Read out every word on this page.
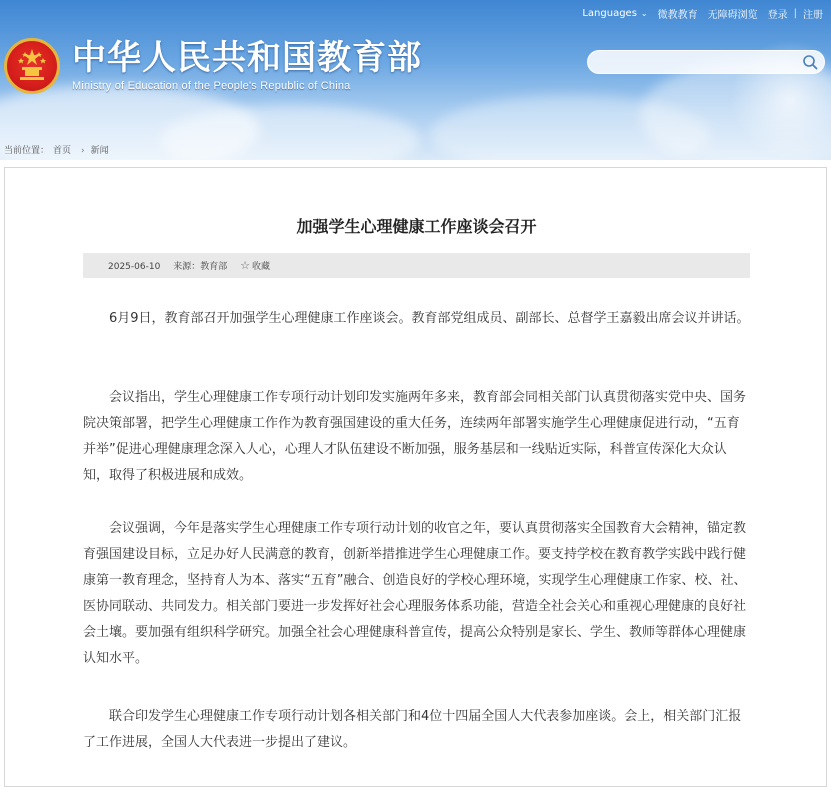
Languages ⌄ 微教教育 无障碍浏览 登录 | 注册
中华人民共和国教育部
Ministry of Education of the People's Republic of China
当前位置： 首页 › 新闻
加强学生心理健康工作座谈会召开
2025-06-10 来源：教育部 ☆ 收藏

6月9日，教育部召开加强学生心理健康工作座谈会。教育部党组成员、副部长、总督学王嘉毅出席会议并讲话。

会议指出，学生心理健康工作专项行动计划印发实施两年多来，教育部会同相关部门认真贯彻落实党中央、国务院决策部署，把学生心理健康工作作为教育强国建设的重大任务，连续两年部署实施学生心理健康促进行动，“五育并举”促进心理健康理念深入人心，心理人才队伍建设不断加强，服务基层和一线贴近实际，科普宣传深化大众认知，取得了积极进展和成效。

会议强调，今年是落实学生心理健康工作专项行动计划的收官之年，要认真贯彻落实全国教育大会精神，锚定教育强国建设目标，立足办好人民满意的教育，创新举措推进学生心理健康工作。要支持学校在教育教学实践中践行健康第一教育理念，坚持育人为本、落实“五育”融合、创造良好的学校心理环境，实现学生心理健康工作家、校、社、医协同联动、共同发力。相关部门要进一步发挥好社会心理服务体系功能，营造全社会关心和重视心理健康的良好社会土壤。要加强有组织科学研究。加强全社会心理健康科普宣传，提高公众特别是家长、学生、教师等群体心理健康认知水平。

联合印发学生心理健康工作专项行动计划各相关部门和4位十四届全国人大代表参加座谈。会上，相关部门汇报了工作进展，全国人大代表进一步提出了建议。
